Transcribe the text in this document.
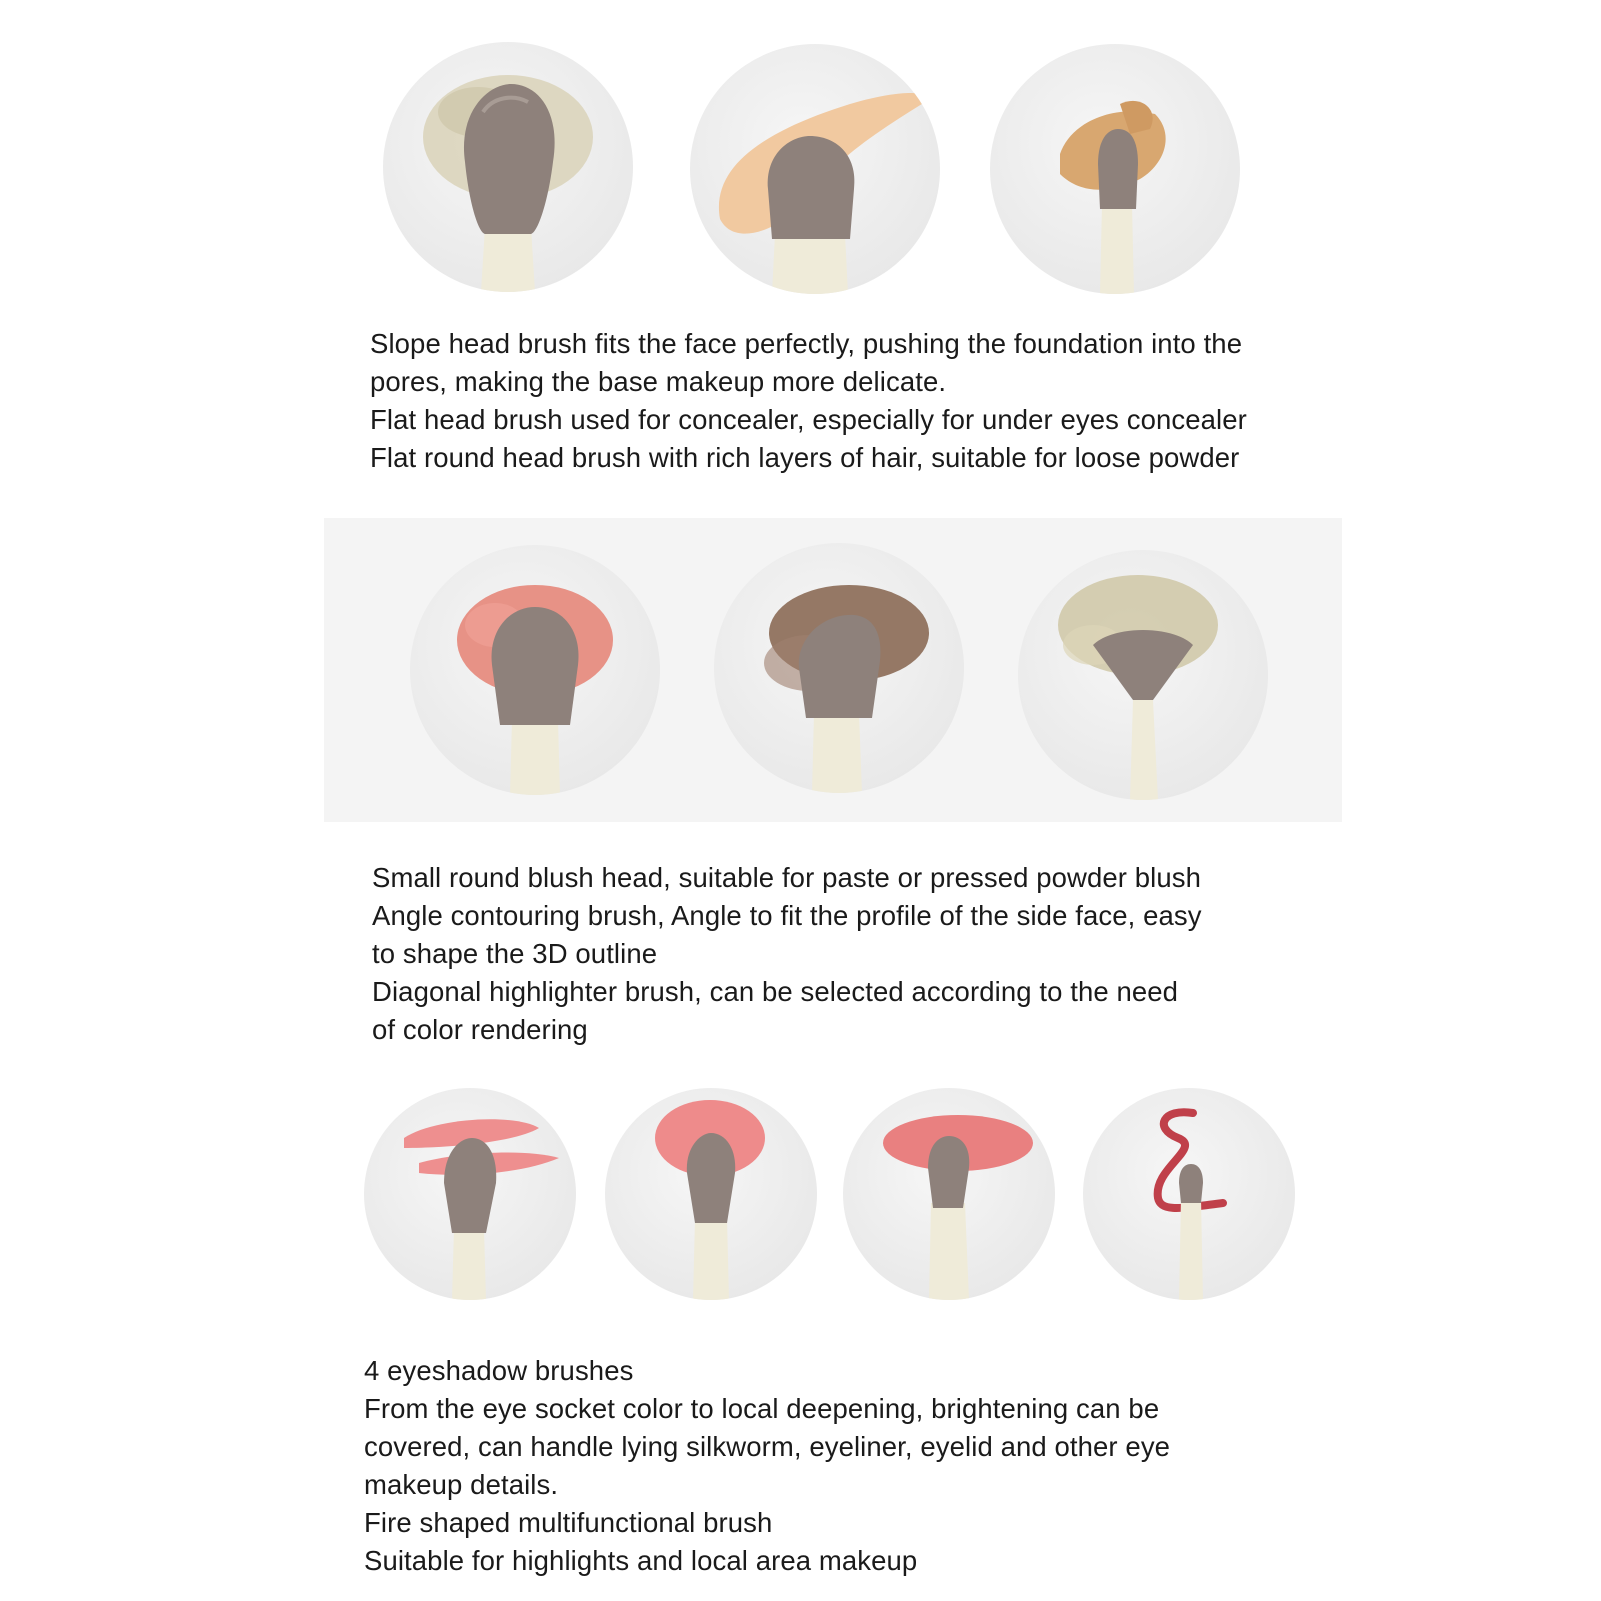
Slope head brush fits the face perfectly, pushing the foundation into the

pores, making the base makeup more delicate.

Flat head brush used for concealer, especially for under eyes concealer

Flat round head brush with rich layers of hair, suitable for loose powder

Small round blush head, suitable for paste or pressed powder blush

Angle contouring brush, Angle to fit the profile of the side face, easy

to shape the 3D outline

Diagonal highlighter brush, can be selected according to the need

of color rendering

4 eyeshadow brushes

From the eye socket color to local deepening, brightening can be

covered, can handle lying silkworm, eyeliner, eyelid and other eye

makeup details.

Fire shaped multifunctional brush

Suitable for highlights and local area makeup
